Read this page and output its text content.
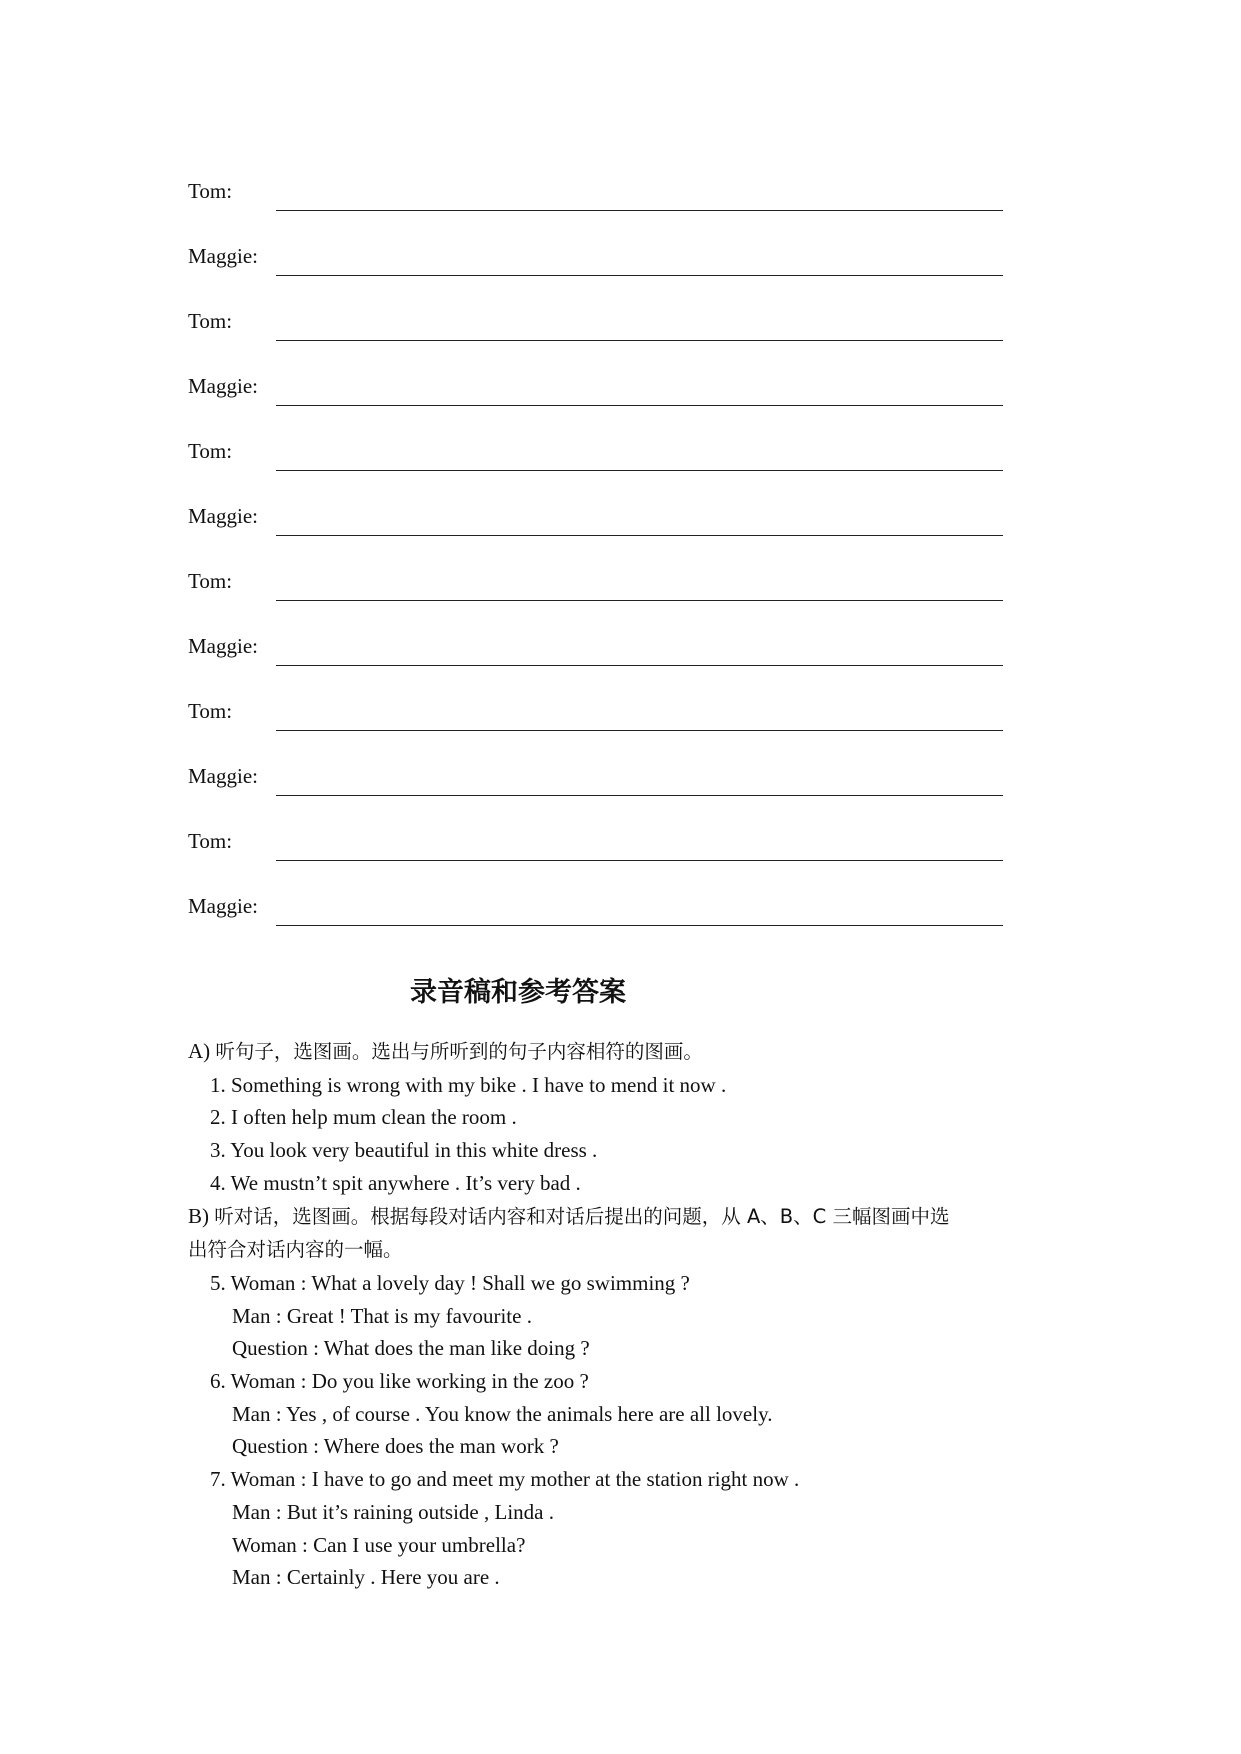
Tom:
Maggie:
Tom:
Maggie:
Tom:
Maggie:
Tom:
Maggie:
Tom:
Maggie:
Tom:
Maggie:
录音稿和参考答案

A) 听句子，选图画。选出与所听到的句子内容相符的图画。

1. Something is wrong with my bike . I have to mend it now .

2. I often help mum clean the room .

3. You look very beautiful in this white dress .

4. We mustn’t spit anywhere . It’s very bad .

B) 听对话，选图画。根据每段对话内容和对话后提出的问题，从 A、B、C 三幅图画中选

出符合对话内容的一幅。

5. Woman : What a lovely day ! Shall we go swimming ?

Man : Great ! That is my favourite .

Question : What does the man like doing ?

6. Woman : Do you like working in the zoo ?

Man : Yes , of course . You know the animals here are all lovely.

Question : Where does the man work ?

7. Woman : I have to go and meet my mother at the station right now .

Man : But it’s raining outside , Linda .

Woman : Can I use your umbrella?

Man : Certainly . Here you are .
